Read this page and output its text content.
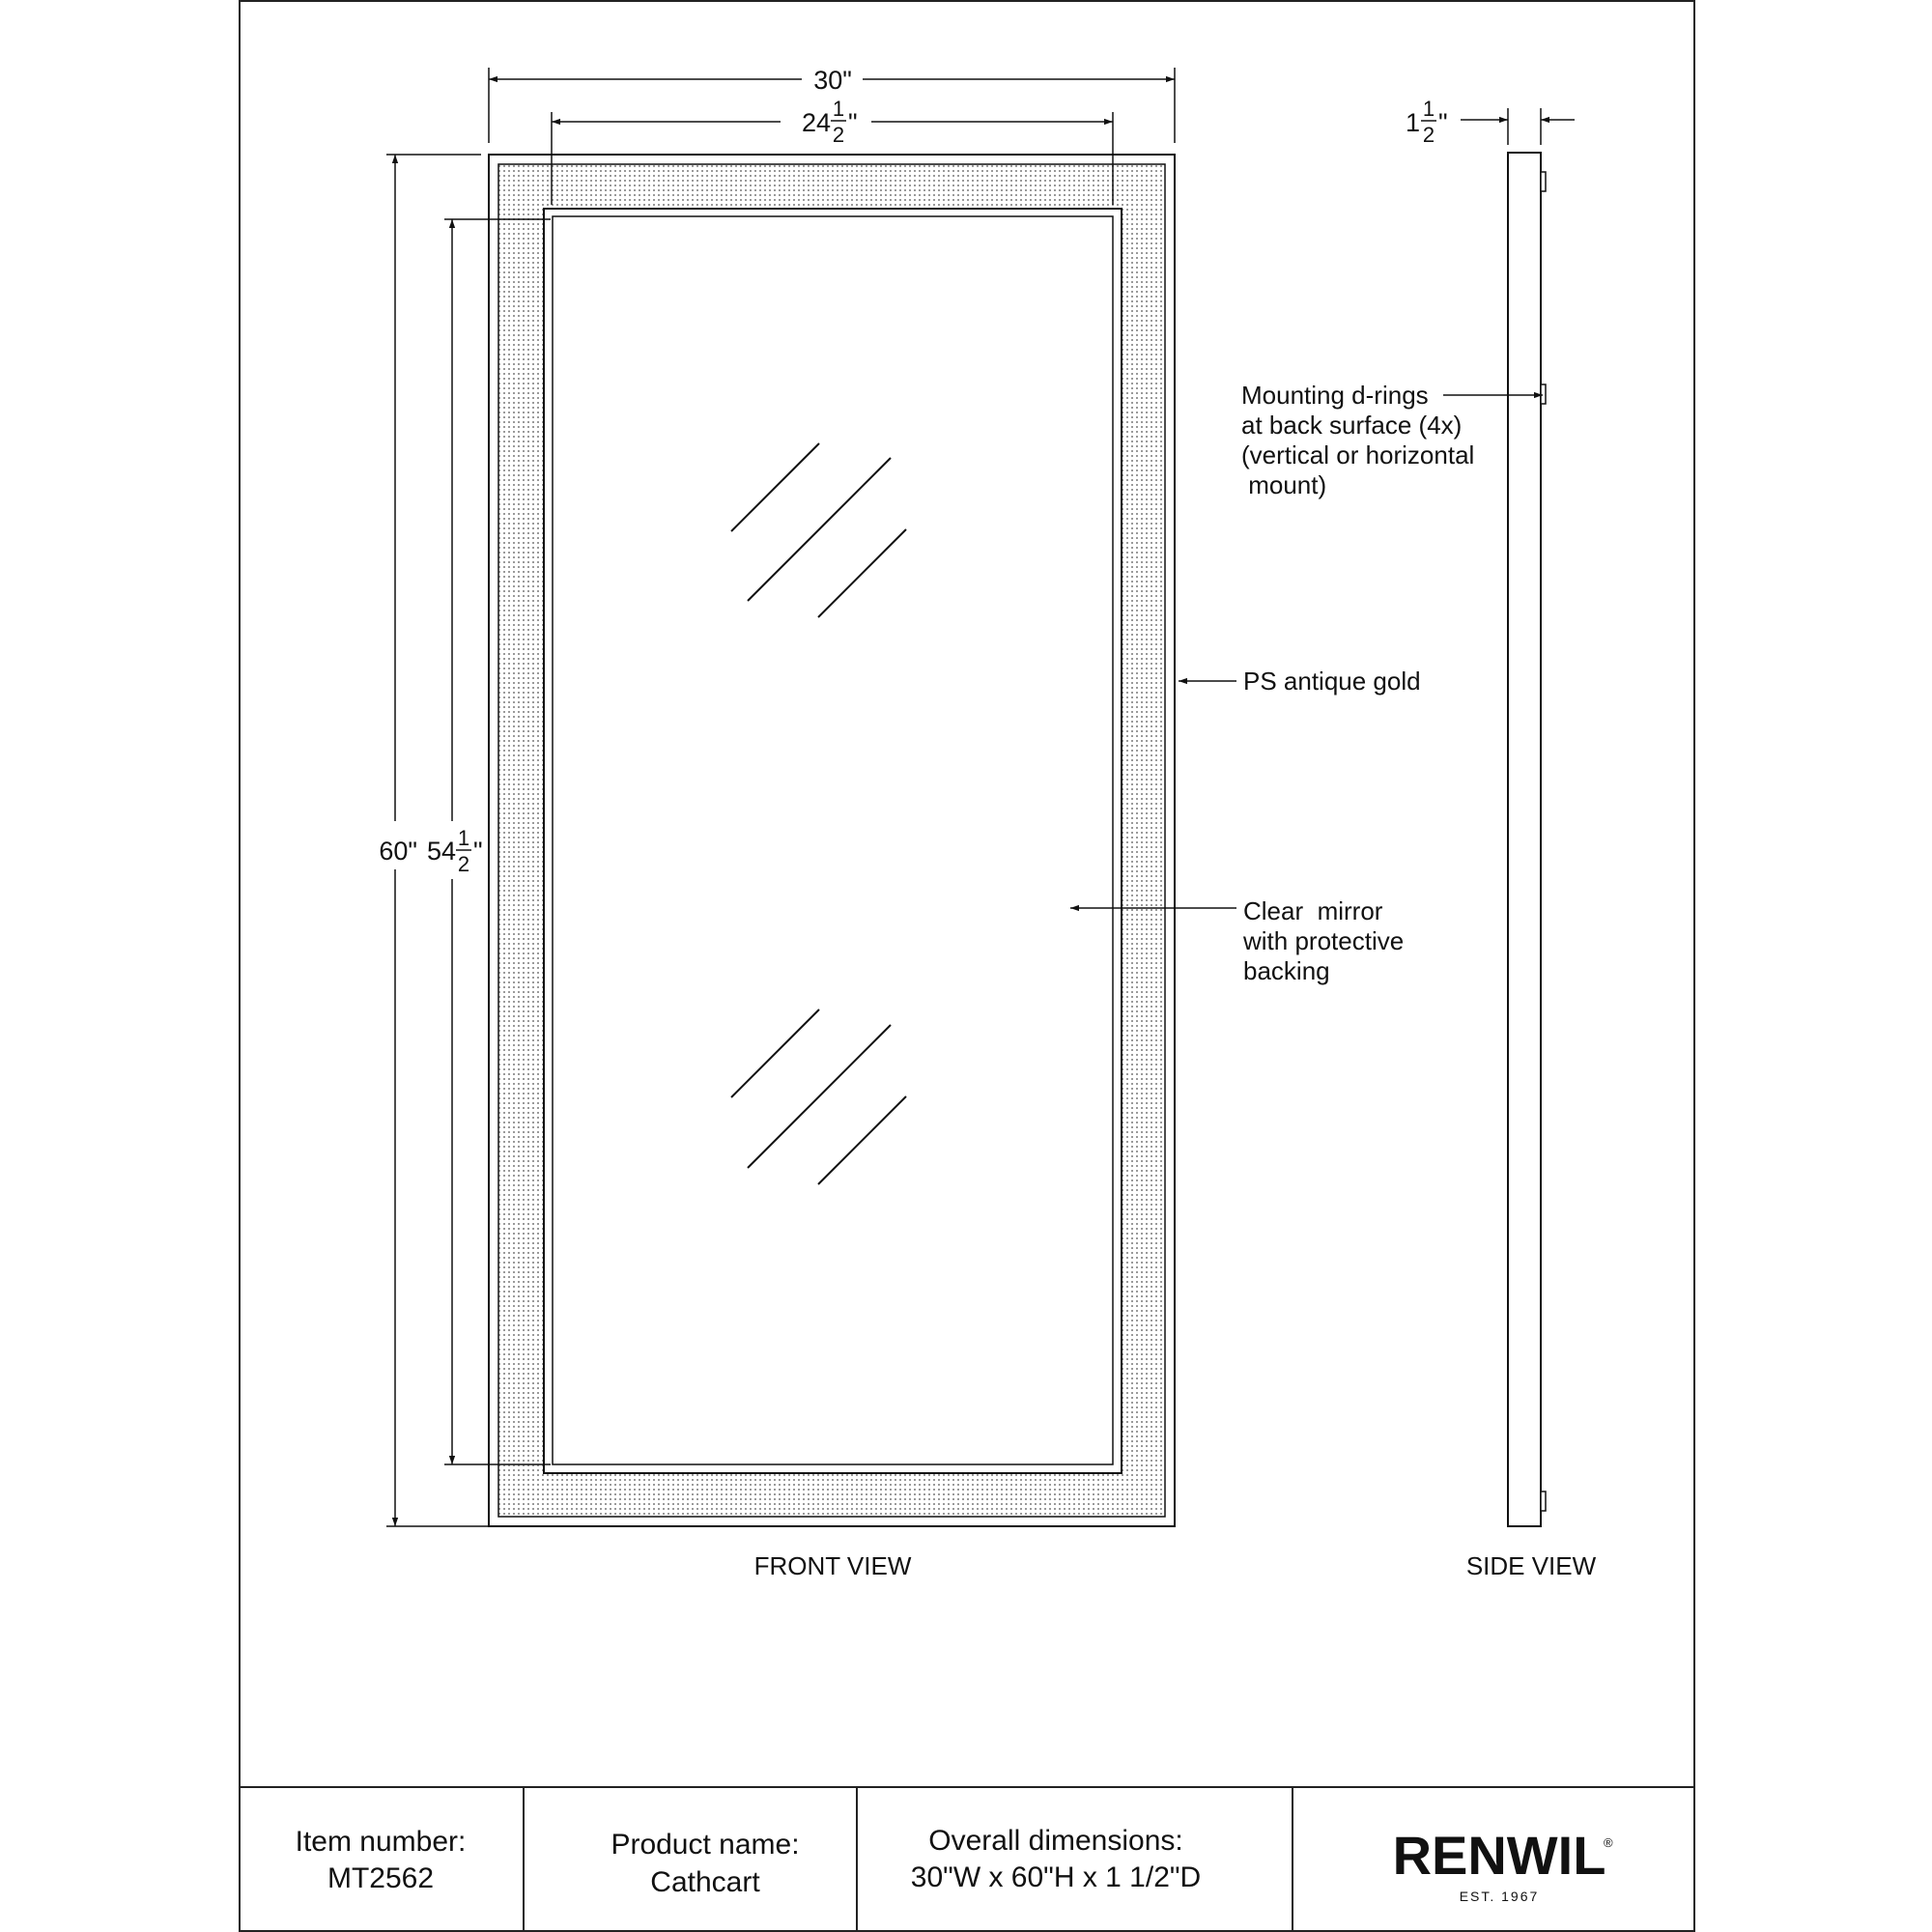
30"
24 1
2 "
60" 54 1
2 "
FRONT VIEW
1 1
2 "
SIDE VIEW
Mounting d-rings
at back surface (4x)
(vertical or horizontal
mount)
PS antique gold
Clear  mirror
with protective
backing
Item number:
MT2562
Product name:
Cathcart
Overall dimensions:
30"W x 60"H x 1 1/2"D	RENWIL
®
EST. 1967
